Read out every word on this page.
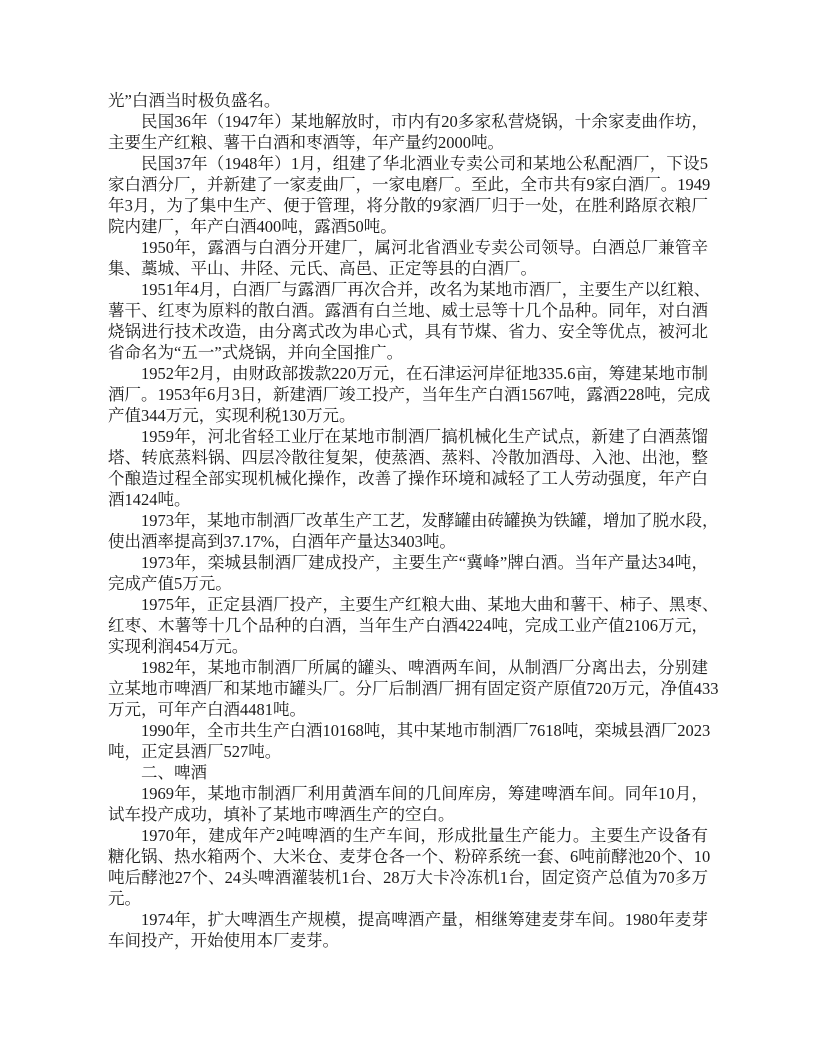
光”白酒当时极负盛名。
民国36年（1947年）某地解放时，市内有20多家私营烧锅，十余家麦曲作坊，
主要生产红粮、薯干白酒和枣酒等，年产量约2000吨。
民国37年（1948年）1月，组建了华北酒业专卖公司和某地公私配酒厂，下设5
家白酒分厂，并新建了一家麦曲厂，一家电磨厂。至此，全市共有9家白酒厂。1949
年3月，为了集中生产、便于管理，将分散的9家酒厂归于一处，在胜利路原衣粮厂
院内建厂，年产白酒400吨，露酒50吨。
1950年，露酒与白酒分开建厂，属河北省酒业专卖公司领导。白酒总厂兼管辛
集、藁城、平山、井陉、元氏、高邑、正定等县的白酒厂。
1951年4月，白酒厂与露酒厂再次合并，改名为某地市酒厂，主要生产以红粮、
薯干、红枣为原料的散白酒。露酒有白兰地、威士忌等十几个品种。同年，对白酒
烧锅进行技术改造，由分离式改为串心式，具有节煤、省力、安全等优点，被河北
省命名为“五一”式烧锅，并向全国推广。
1952年2月，由财政部拨款220万元，在石津运河岸征地335.6亩，筹建某地市制
酒厂。1953年6月3日，新建酒厂竣工投产，当年生产白酒1567吨，露酒228吨，完成
产值344万元，实现利税130万元。
1959年，河北省轻工业厅在某地市制酒厂搞机械化生产试点，新建了白酒蒸馏
塔、转底蒸料锅、四层冷散往复架，使蒸酒、蒸料、冷散加酒母、入池、出池，整
个酿造过程全部实现机械化操作，改善了操作环境和减轻了工人劳动强度，年产白
酒1424吨。
1973年，某地市制酒厂改革生产工艺，发酵罐由砖罐换为铁罐，增加了脱水段，
使出酒率提高到37.17%，白酒年产量达3403吨。
1973年，栾城县制酒厂建成投产，主要生产“冀峰”牌白酒。当年产量达34吨，
完成产值5万元。
1975年，正定县酒厂投产，主要生产红粮大曲、某地大曲和薯干、柿子、黑枣、
红枣、木薯等十几个品种的白酒，当年生产白酒4224吨，完成工业产值2106万元，
实现利润454万元。
1982年，某地市制酒厂所属的罐头、啤酒两车间，从制酒厂分离出去，分别建
立某地市啤酒厂和某地市罐头厂。分厂后制酒厂拥有固定资产原值720万元，净值433
万元，可年产白酒4481吨。
1990年，全市共生产白酒10168吨，其中某地市制酒厂7618吨，栾城县酒厂2023
吨，正定县酒厂527吨。
二、啤酒
1969年，某地市制酒厂利用黄酒车间的几间库房，筹建啤酒车间。同年10月，
试车投产成功，填补了某地市啤酒生产的空白。
1970年，建成年产2吨啤酒的生产车间，形成批量生产能力。主要生产设备有
糖化锅、热水箱两个、大米仓、麦芽仓各一个、粉碎系统一套、6吨前酵池20个、10
吨后酵池27个、24头啤酒灌装机1台、28万大卡冷冻机1台，固定资产总值为70多万
元。
1974年，扩大啤酒生产规模，提高啤酒产量，相继筹建麦芽车间。1980年麦芽
车间投产，开始使用本厂麦芽。
